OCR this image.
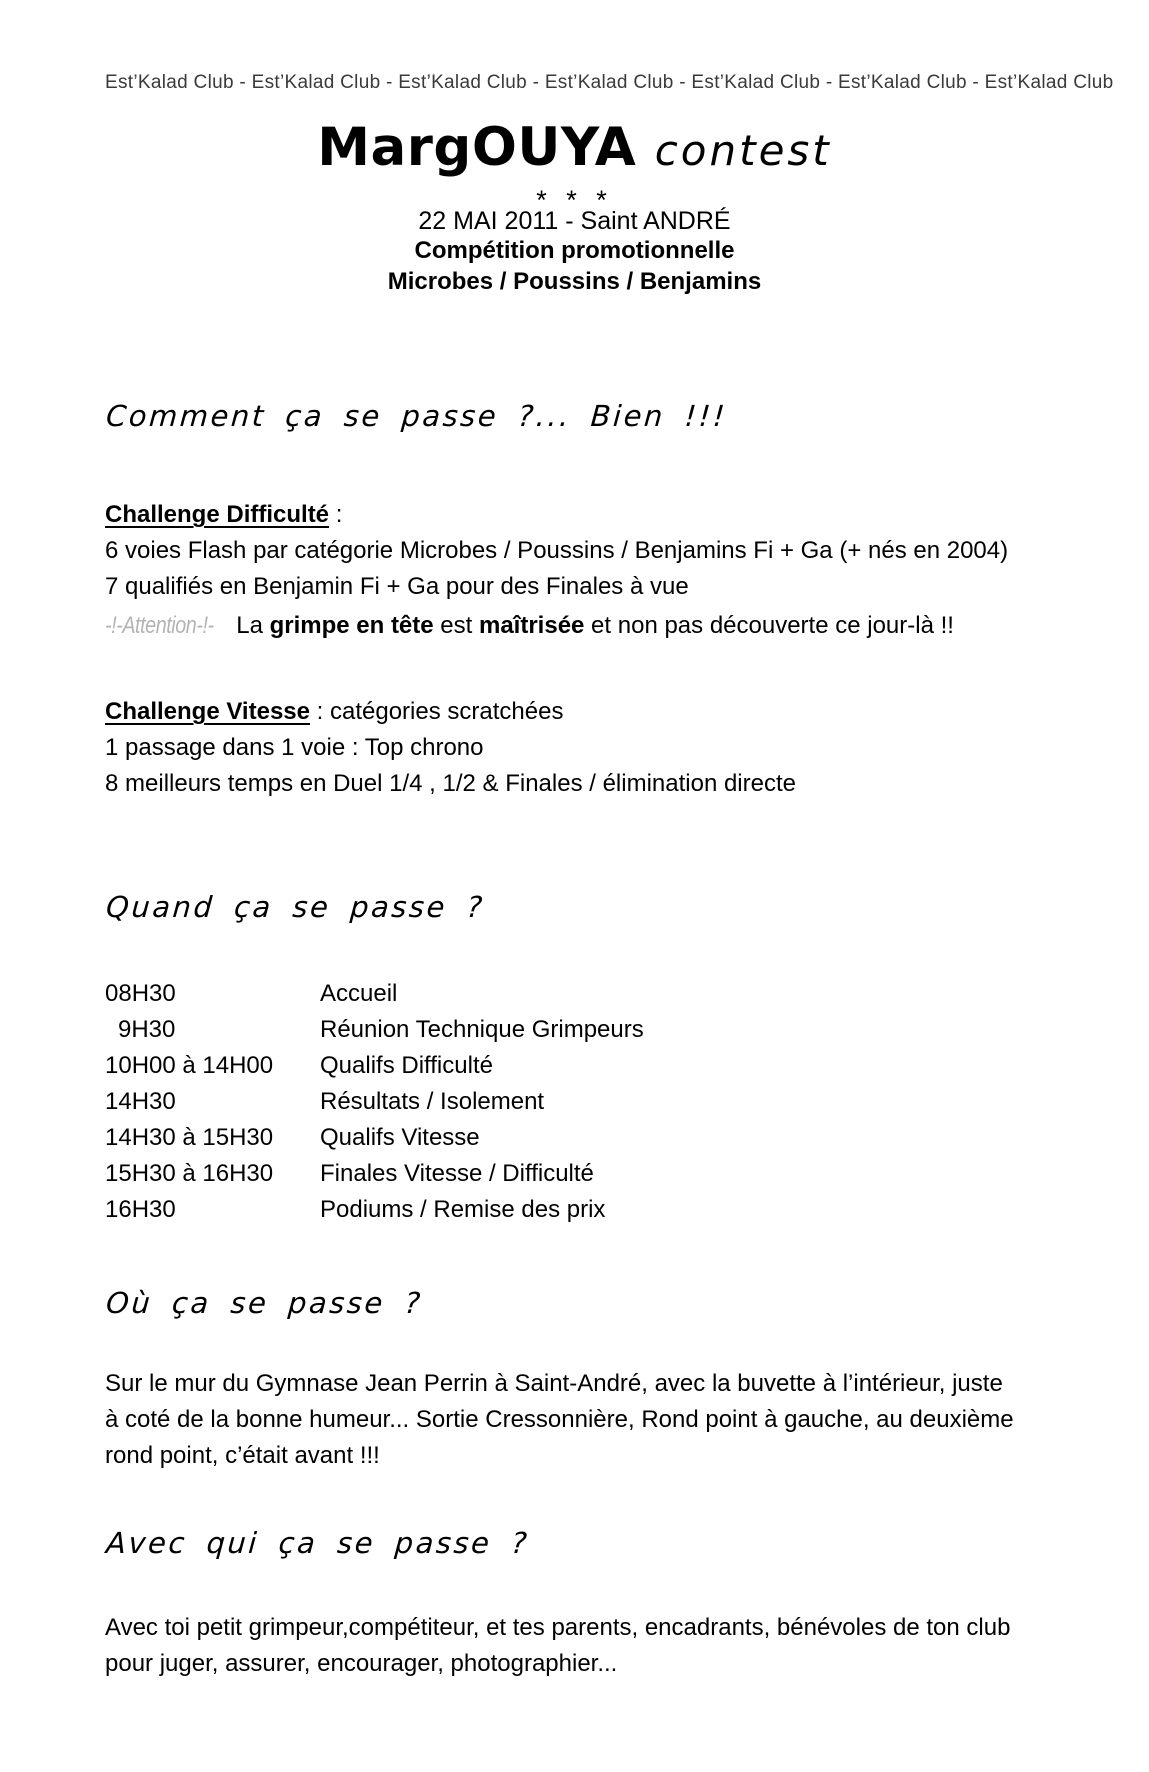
Est’Kalad Club - Est’Kalad Club - Est’Kalad Club - Est’Kalad Club - Est’Kalad Club - Est’Kalad Club - Est’Kalad Club
MargOUYA contest
* * *
22 MAI 2011 - Saint ANDRÉ
Compétition promotionnelle
Microbes / Poussins / Benjamins
Comment ça se passe ?... Bien !!!
Challenge Difficulté :
6 voies Flash par catégorie Microbes / Poussins / Benjamins Fi + Ga (+ nés en 2004)
7 qualifiés en Benjamin Fi + Ga pour des Finales à vue
-!-Attention-!- La grimpe en tête est maîtrisée et non pas découverte ce jour-là !!
Challenge Vitesse : catégories scratchées
1 passage dans 1 voie : Top chrono
8 meilleurs temps en Duel 1/4 , 1/2 & Finales / élimination directe
Quand ça se passe ?
08H30	Accueil
9H30	Réunion Technique Grimpeurs
10H00 à 14H00	Qualifs Difficulté
14H30	Résultats / Isolement
14H30 à 15H30	Qualifs Vitesse
15H30 à 16H30	Finales Vitesse / Difficulté
16H30	Podiums / Remise des prix
Où ça se passe ?
Sur le mur du Gymnase Jean Perrin à Saint-André, avec la buvette à l’intérieur, juste à coté de la bonne humeur... Sortie Cressonnière, Rond point à gauche, au deuxième rond point, c’était avant !!!
Avec qui ça se passe ?
Avec toi petit grimpeur,compétiteur, et tes parents, encadrants, bénévoles de ton club pour juger, assurer, encourager, photographier...
